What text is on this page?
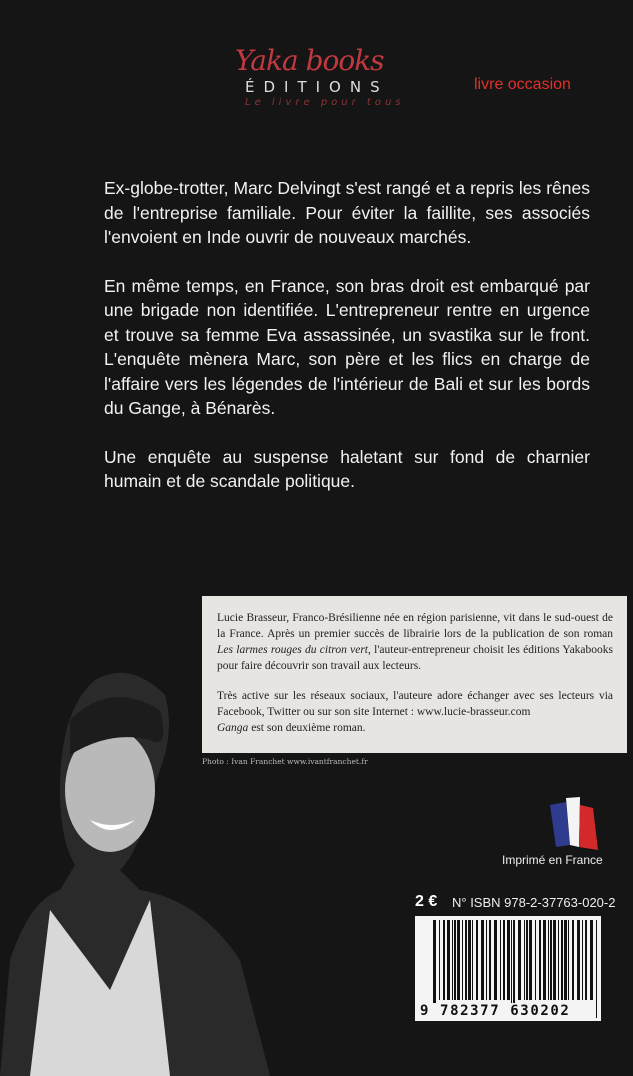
Yaka books
ÉDITIONS
Le livre pour tous
livre occasion

Ex-globe-trotter, Marc Delvingt s'est rangé et a repris les rênes de l'entreprise familiale. Pour éviter la faillite, ses associés l'envoient en Inde ouvrir de nouveaux marchés.

En même temps, en France, son bras droit est embarqué par une brigade non identifiée. L'entrepreneur rentre en urgence et trouve sa femme Eva assassinée, un svastika sur le front. L'enquête mènera Marc, son père et les flics en charge de l'affaire vers les légendes de l'intérieur de Bali et sur les bords du Gange, à Bénarès.

Une enquête au suspense haletant sur fond de charnier humain et de scandale politique.

Lucie Brasseur, Franco-Brésilienne née en région parisienne, vit dans le sud-ouest de la France. Après un premier succès de librairie lors de la publication de son roman Les larmes rouges du citron vert, l'auteur-entrepreneur choisit les éditions Yakabooks pour faire découvrir son travail aux lecteurs.

Très active sur les réseaux sociaux, l'auteure adore échanger avec ses lecteurs via Facebook, Twitter ou sur son site Internet : www.lucie-brasseur.com
Ganga est son deuxième roman.

Photo : Ivan Franchet www.ivantfranchet.fr
Imprimé en France
2 € N° ISBN 978-2-37763-020-2
9 782377 630202
